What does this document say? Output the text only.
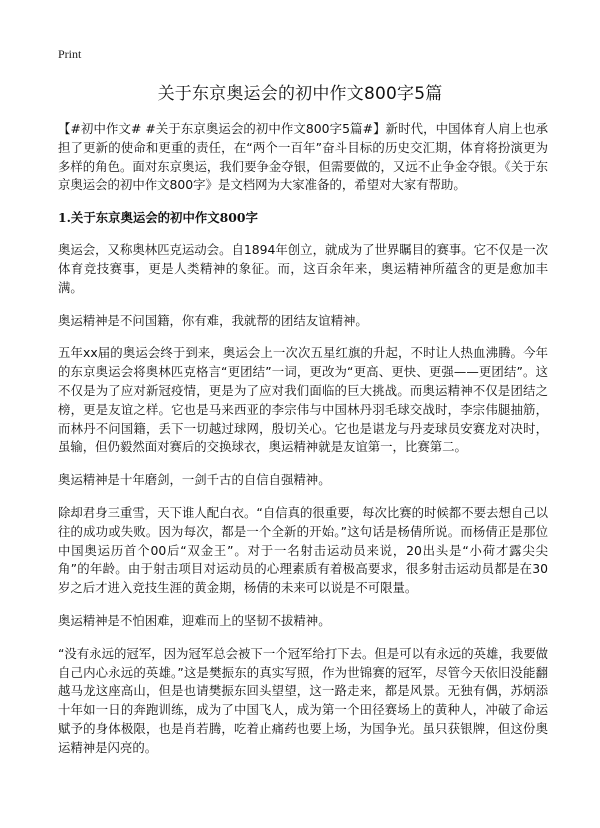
Print
关于东京奥运会的初中作文800字5篇

【#初中作文# #关于东京奥运会的初中作文800字5篇#】新时代，中国体育人肩上也承担了更新的使命和更重的责任，在“两个一百年”奋斗目标的历史交汇期，体育将扮演更为多样的角色。面对东京奥运，我们要争金夺银，但需要做的，又远不止争金夺银。《关于东京奥运会的初中作文800字》是文档网为大家准备的，希望对大家有帮助。

1.关于东京奥运会的初中作文800字

奥运会，又称奥林匹克运动会。自1894年创立，就成为了世界瞩目的赛事。它不仅是一次体育竞技赛事，更是人类精神的象征。而，这百余年来，奥运精神所蕴含的更是愈加丰满。

奥运精神是不问国籍，你有难，我就帮的团结友谊精神。

五年xx届的奥运会终于到来，奥运会上一次次五星红旗的升起，不时让人热血沸腾。今年的东京奥运会将奥林匹克格言“更团结”一词，更改为“更高、更快、更强——更团结”。这不仅是为了应对新冠疫情，更是为了应对我们面临的巨大挑战。而奥运精神不仅是团结之榜，更是友谊之样。它也是马来西亚的李宗伟与中国林丹羽毛球交战时，李宗伟腿抽筋，而林丹不问国籍，丢下一切越过球网，殷切关心。它也是谌龙与丹麦球员安赛龙对决时，虽输，但仍毅然面对赛后的交换球衣，奥运精神就是友谊第一，比赛第二。

奥运精神是十年磨剑，一剑千古的自信自强精神。

除却君身三重雪，天下谁人配白衣。“自信真的很重要，每次比赛的时候都不要去想自己以往的成功或失败。因为每次，都是一个全新的开始。”这句话是杨倩所说。而杨倩正是那位中国奥运历首个00后“双金王”。对于一名射击运动员来说，20出头是“小荷才露尖尖角”的年龄。由于射击项目对运动员的心理素质有着极高要求，很多射击运动员都是在30岁之后才进入竞技生涯的黄金期，杨倩的未来可以说是不可限量。

奥运精神是不怕困难，迎难而上的坚韧不拔精神。

“没有永远的冠军，因为冠军总会被下一个冠军给打下去。但是可以有永远的英雄，我要做自己内心永远的英雄。”这是樊振东的真实写照，作为世锦赛的冠军，尽管今天依旧没能翻越马龙这座高山，但是也请樊振东回头望望，这一路走来，都是风景。无独有偶，苏炳添十年如一日的奔跑训练，成为了中国飞人，成为第一个田径赛场上的黄种人，冲破了命运赋予的身体极限，也是肖若腾，吃着止痛药也要上场，为国争光。虽只获银牌，但这份奥运精神是闪亮的。
